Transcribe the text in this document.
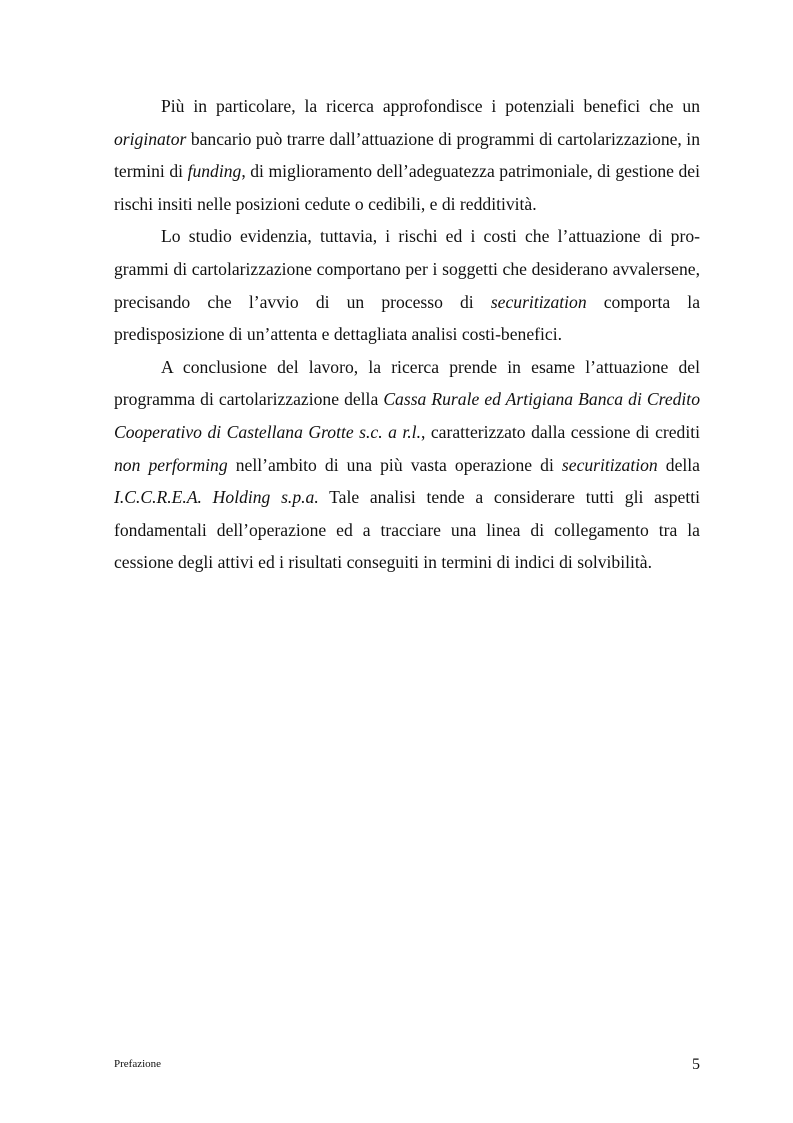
Più in particolare, la ricerca approfondisce i potenziali benefici che un originator bancario può trarre dall’attuazione di programmi di cartolarizzazione, in termini di funding, di miglioramento dell’adeguatezza patrimoniale, di gestione dei rischi insiti nelle posizioni cedute o cedibili, e di redditività.

Lo studio evidenzia, tuttavia, i rischi ed i costi che l’attuazione di programmi di cartolarizzazione comportano per i soggetti che desiderano avvalersene, precisando che l’avvio di un processo di securitization comporta la predisposizione di un’attenta e dettagliata analisi costi-benefici.

A conclusione del lavoro, la ricerca prende in esame l’attuazione del programma di cartolarizzazione della Cassa Rurale ed Artigiana Banca di Credito Cooperativo di Castellana Grotte s.c. a r.l., caratterizzato dalla cessione di crediti non performing nell’ambito di una più vasta operazione di securitization della I.C.C.R.E.A. Holding s.p.a. Tale analisi tende a considerare tutti gli aspetti fondamentali dell’operazione ed a tracciare una linea di collegamento tra la cessione degli attivi ed i risultati conseguiti in termini di indici di solvibilità.

Prefazione	5
